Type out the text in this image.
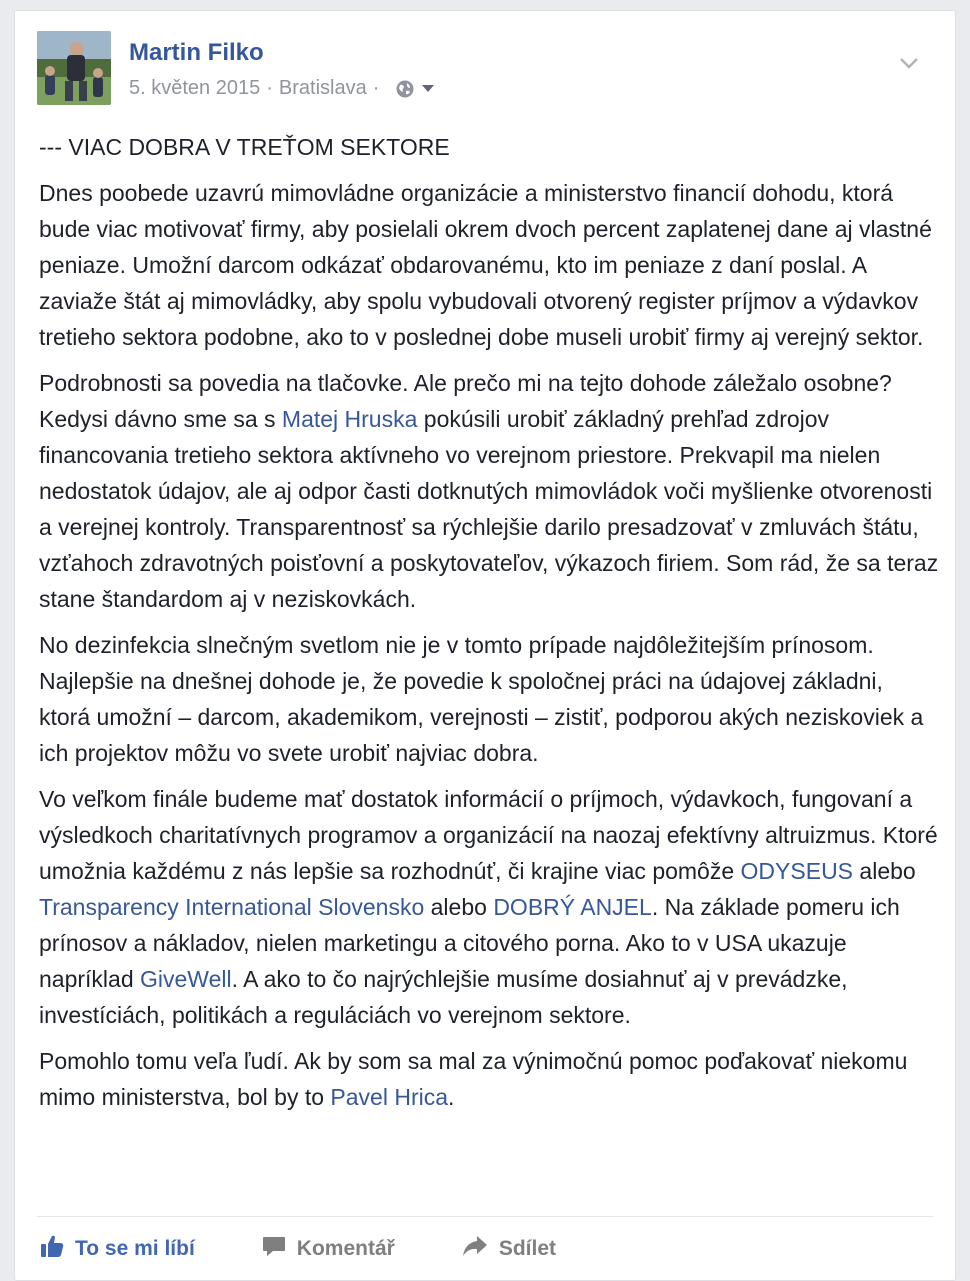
Martin Filko
5. květen 2015 · Bratislava ·

--- VIAC DOBRA V TREŤOM SEKTORE

Dnes poobede uzavrú mimovládne organizácie a ministerstvo financií dohodu, ktorá bude viac motivovať firmy, aby posielali okrem dvoch percent zaplatenej dane aj vlastné peniaze. Umožní darcom odkázať obdarovanému, kto im peniaze z daní poslal. A zaviaže štát aj mimovládky, aby spolu vybudovali otvorený register príjmov a výdavkov tretieho sektora podobne, ako to v poslednej dobe museli urobiť firmy aj verejný sektor.

Podrobnosti sa povedia na tlačovke. Ale prečo mi na tejto dohode záležalo osobne? Kedysi dávno sme sa s Matej Hruska pokúsili urobiť základný prehľad zdrojov financovania tretieho sektora aktívneho vo verejnom priestore. Prekvapil ma nielen nedostatok údajov, ale aj odpor časti dotknutých mimovládok voči myšlienke otvorenosti a verejnej kontroly. Transparentnosť sa rýchlejšie darilo presadzovať v zmluvách štátu, vzťahoch zdravotných poisťovní a poskytovateľov, výkazoch firiem. Som rád, že sa teraz stane štandardom aj v neziskovkách.

No dezinfekcia slnečným svetlom nie je v tomto prípade najdôležitejším prínosom. Najlepšie na dnešnej dohode je, že povedie k spoločnej práci na údajovej základni, ktorá umožní – darcom, akademikom, verejnosti – zistiť, podporou akých neziskoviek a ich projektov môžu vo svete urobiť najviac dobra.

Vo veľkom finále budeme mať dostatok informácií o príjmoch, výdavkoch, fungovaní a výsledkoch charitatívnych programov a organizácií na naozaj efektívny altruizmus. Ktoré umožnia každému z nás lepšie sa rozhodnúť, či krajine viac pomôže ODYSEUS alebo Transparency International Slovensko alebo DOBRÝ ANJEL. Na základe pomeru ich prínosov a nákladov, nielen marketingu a citového porna. Ako to v USA ukazuje napríklad GiveWell. A ako to čo najrýchlejšie musíme dosiahnuť aj v prevádzke, investíciách, politikách a reguláciách vo verejnom sektore.

Pomohlo tomu veľa ľudí. Ak by som sa mal za výnimočnú pomoc poďakovať niekomu mimo ministerstva, bol by to Pavel Hrica.

To se mi líbí	Komentář	Sdílet
